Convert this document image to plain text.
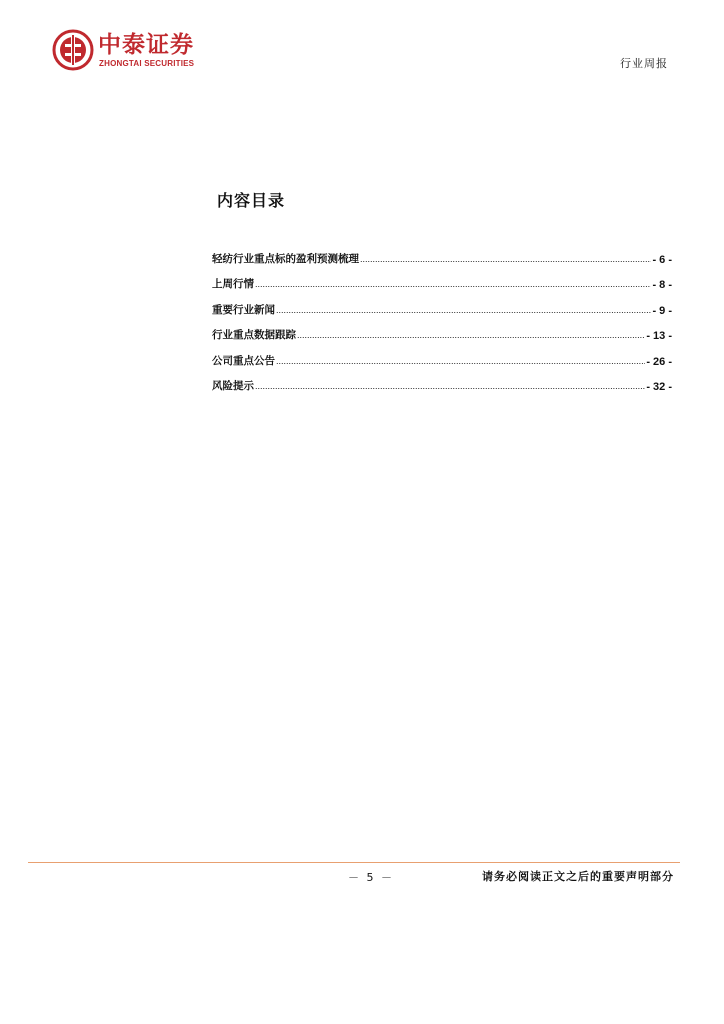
中泰证券
ZHONGTAI SECURITIES	行业周报
内容目录
轻纺行业重点标的盈利预测梳理 .....	- 6 -
上周行情 .....	- 8 -
重要行业新闻 .....	- 9 -
行业重点数据跟踪 .....	- 13 -
公司重点公告 .....	- 26 -
风险提示 .....	- 32 -
－ 5 －	请务必阅读正文之后的重要声明部分
